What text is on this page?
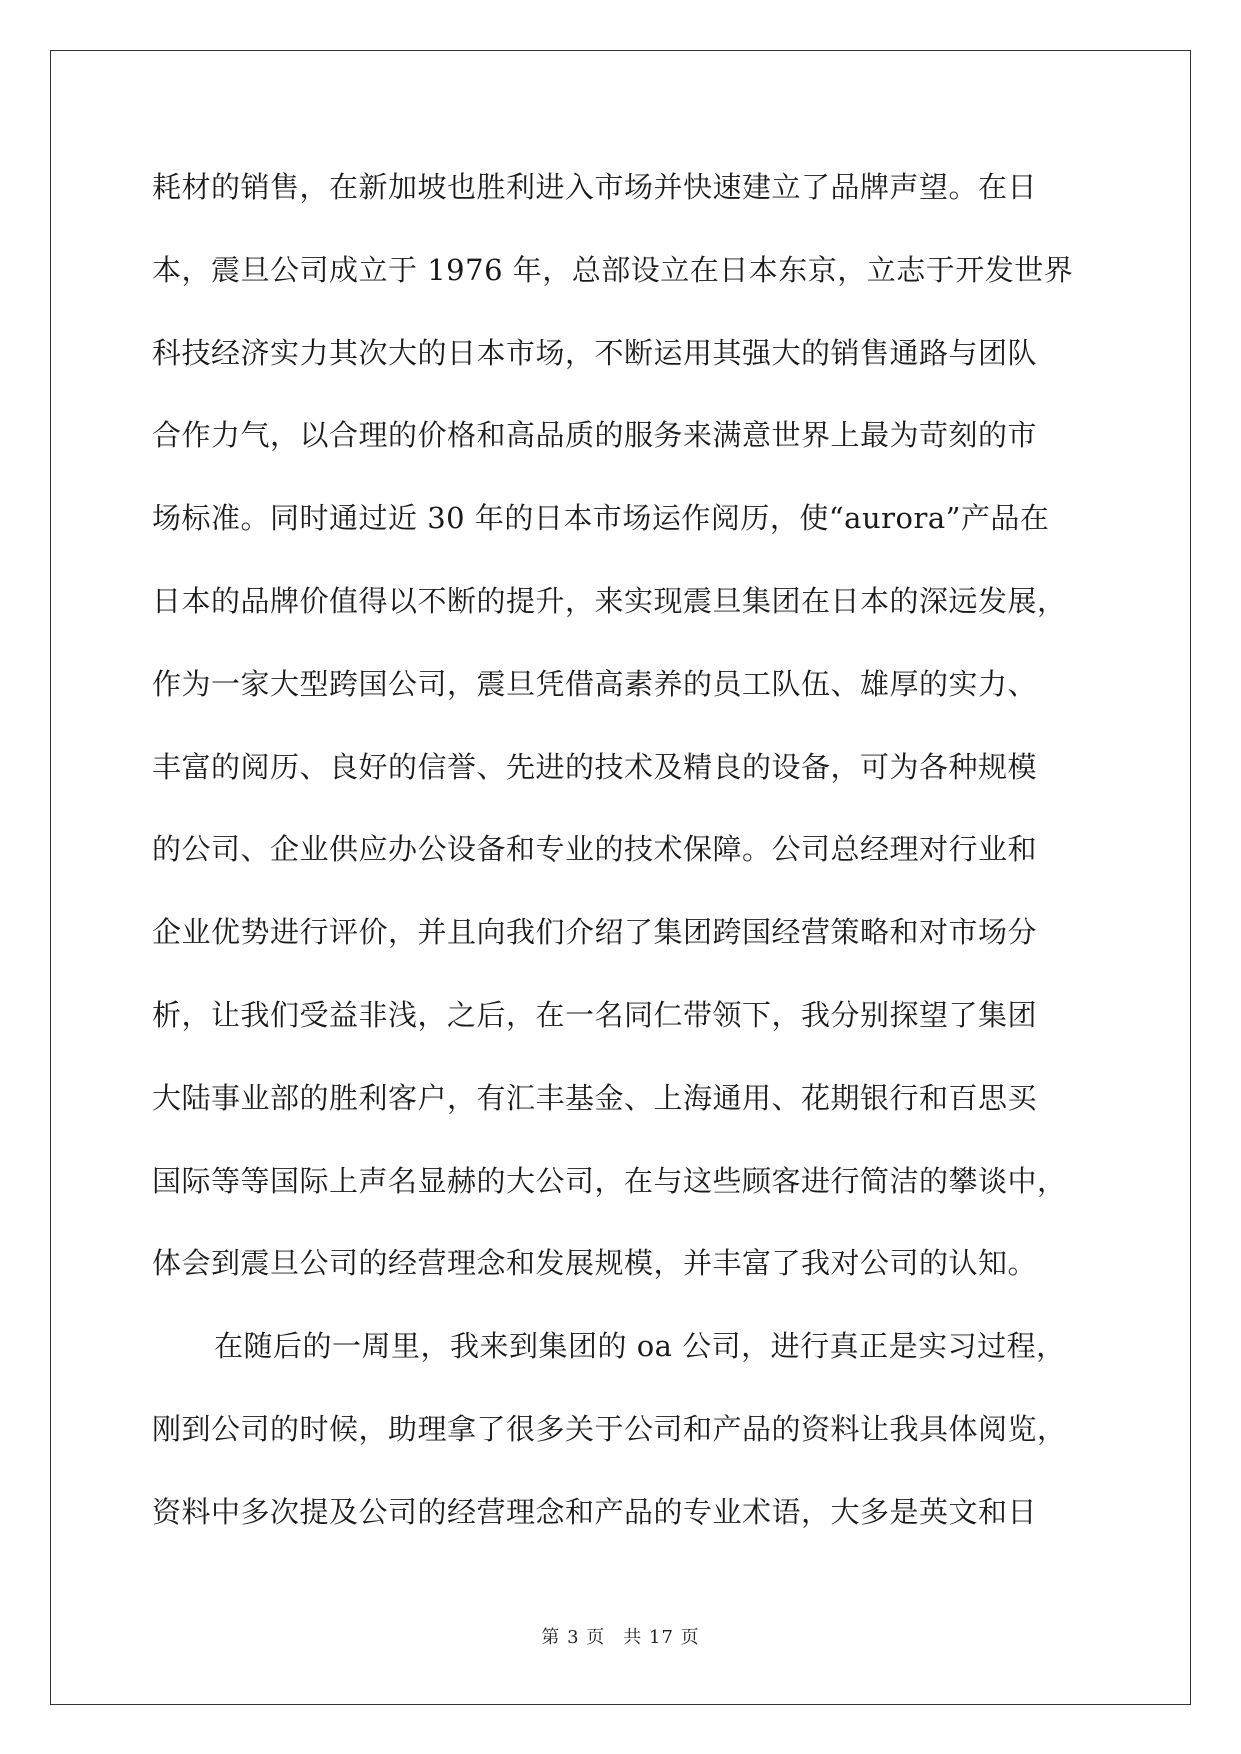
耗材的销售，在新加坡也胜利进入市场并快速建立了品牌声望。在日
本，震旦公司成立于 1976 年，总部设立在日本东京，立志于开发世界
科技经济实力其次大的日本市场，不断运用其强大的销售通路与团队
合作力气，以合理的价格和高品质的服务来满意世界上最为苛刻的市
场标准。同时通过近 30 年的日本市场运作阅历，使“aurora”产品在
日本的品牌价值得以不断的提升，来实现震旦集团在日本的深远发展，
作为一家大型跨国公司，震旦凭借高素养的员工队伍、雄厚的实力、
丰富的阅历、良好的信誉、先进的技术及精良的设备，可为各种规模
的公司、企业供应办公设备和专业的技术保障。公司总经理对行业和
企业优势进行评价，并且向我们介绍了集团跨国经营策略和对市场分
析，让我们受益非浅，之后，在一名同仁带领下，我分别探望了集团
大陆事业部的胜利客户，有汇丰基金、上海通用、花期银行和百思买
国际等等国际上声名显赫的大公司，在与这些顾客进行简洁的攀谈中，
体会到震旦公司的经营理念和发展规模，并丰富了我对公司的认知。
在随后的一周里，我来到集团的 oa 公司，进行真正是实习过程，
刚到公司的时候，助理拿了很多关于公司和产品的资料让我具体阅览，
资料中多次提及公司的经营理念和产品的专业术语，大多是英文和日
第 3 页 共 17 页
